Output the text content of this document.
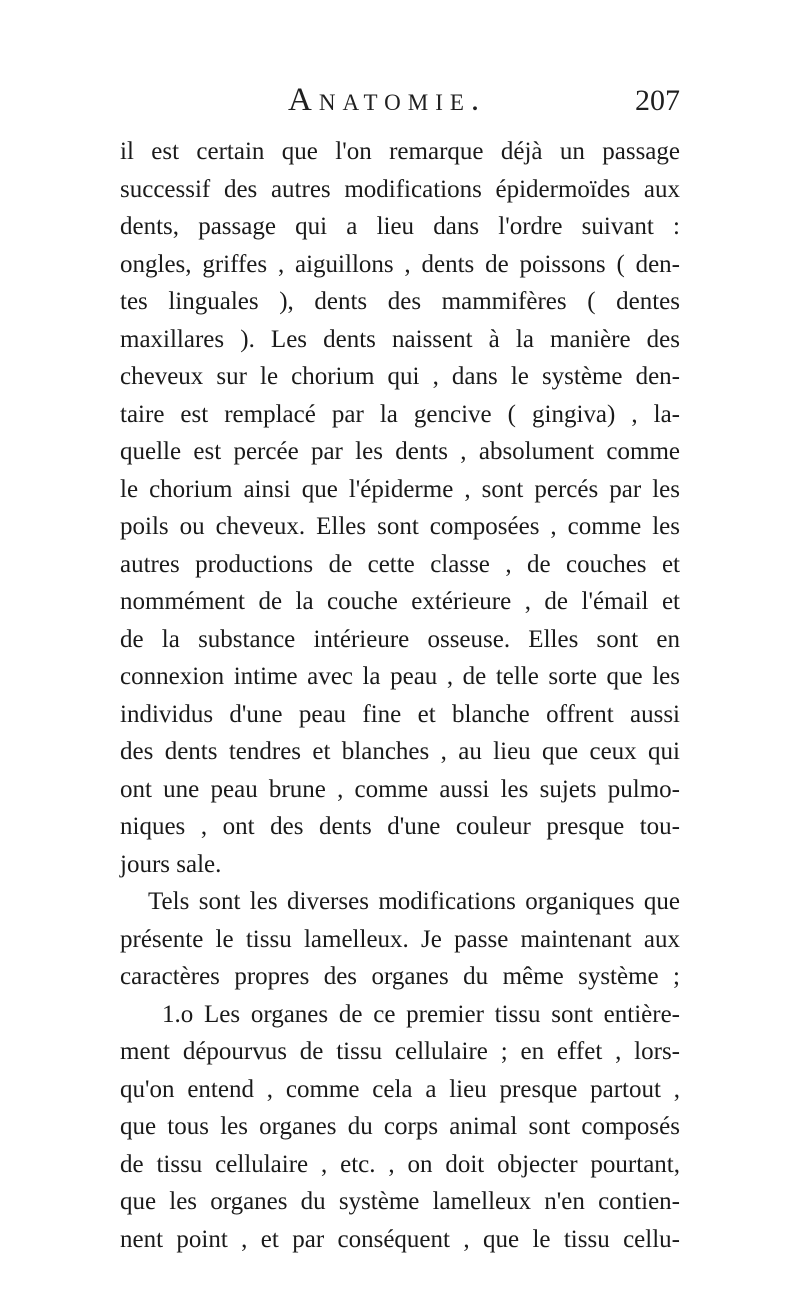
Anatomie.	207
il est certain que l'on remarque déjà un passage
successif des autres modifications épidermoïdes aux
dents, passage qui a lieu dans l'ordre suivant :
ongles, griffes , aiguillons , dents de poissons ( den-
tes linguales ), dents des mammifères ( dentes
maxillares ). Les dents naissent à la manière des
cheveux sur le chorium qui , dans le système den-
taire est remplacé par la gencive ( gingiva) , la-
quelle est percée par les dents , absolument comme
le chorium ainsi que l'épiderme , sont percés par les
poils ou cheveux. Elles sont composées , comme les
autres productions de cette classe , de couches et
nommément de la couche extérieure , de l'émail et
de la substance intérieure osseuse. Elles sont en
connexion intime avec la peau , de telle sorte que les
individus d'une peau fine et blanche offrent aussi
des dents tendres et blanches , au lieu que ceux qui
ont une peau brune , comme aussi les sujets pulmo-
niques , ont des dents d'une couleur presque tou-
jours sale.
Tels sont les diverses modifications organiques que
présente le tissu lamelleux. Je passe maintenant aux
caractères propres des organes du même système ;
1.o Les organes de ce premier tissu sont entière-
ment dépourvus de tissu cellulaire ; en effet , lors-
qu'on entend , comme cela a lieu presque partout ,
que tous les organes du corps animal sont composés
de tissu cellulaire , etc. , on doit objecter pourtant,
que les organes du système lamelleux n'en contien-
nent point , et par conséquent , que le tissu cellu-
